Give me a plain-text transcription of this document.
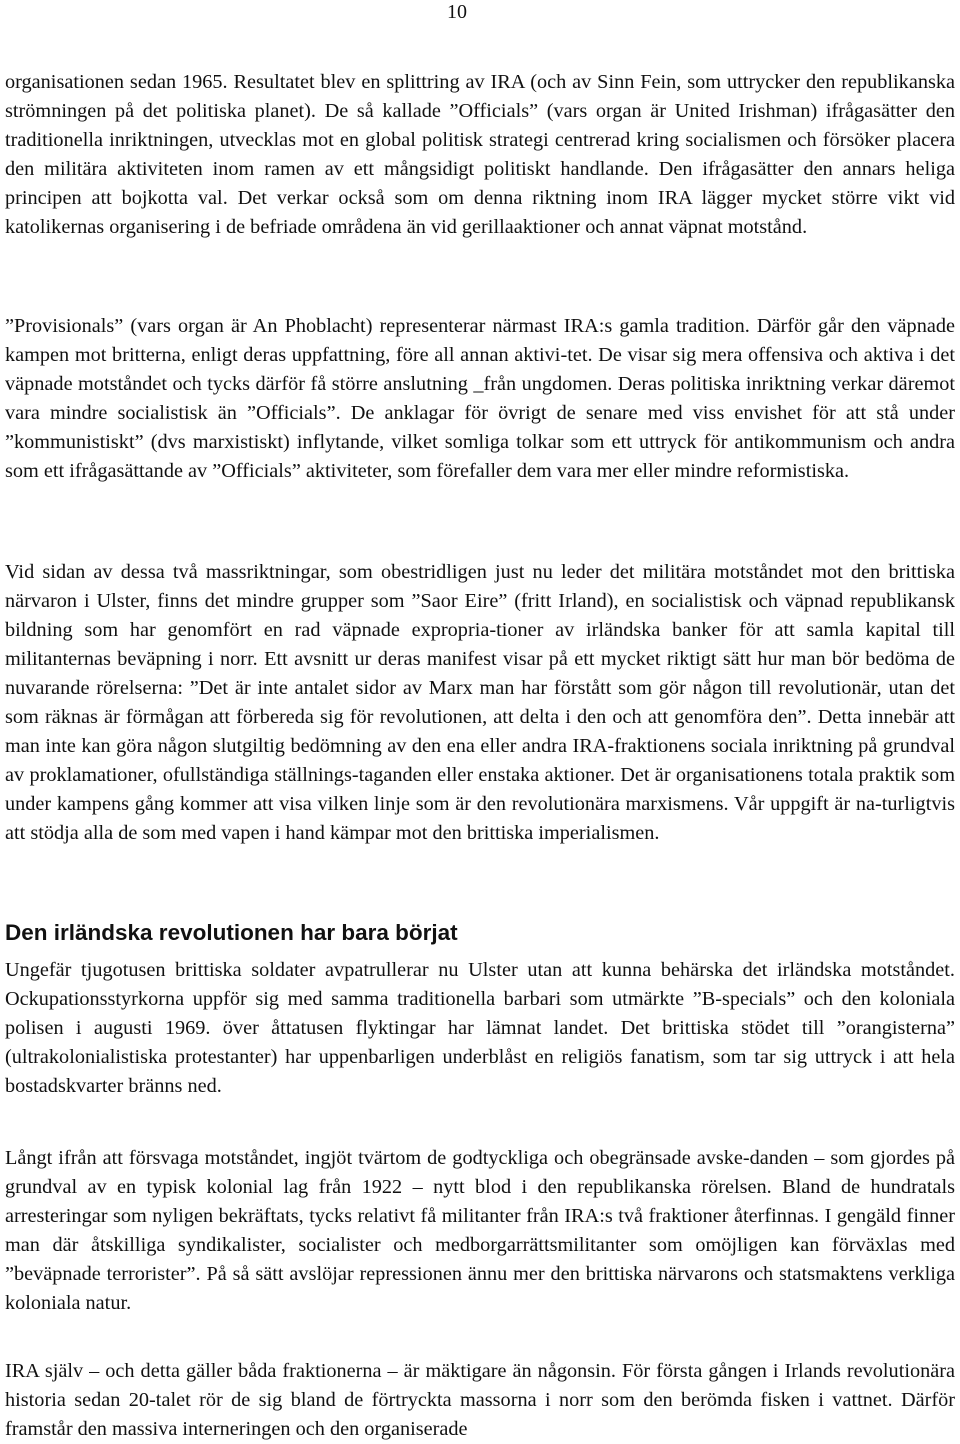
10

organisationen sedan 1965. Resultatet blev en splittring av IRA (och av Sinn Fein, som uttrycker den republikanska strömningen på det politiska planet). De så kallade ”Officials” (vars organ är United Irishman) ifrågasätter den traditionella inriktningen, utvecklas mot en global politisk strategi centrerad kring socialismen och försöker placera den militära aktiviteten inom ramen av ett mångsidigt politiskt handlande. Den ifrågasätter den annars heliga principen att bojkotta val. Det verkar också som om denna riktning inom IRA lägger mycket större vikt vid katolikernas organisering i de befriade områdena än vid gerillaaktioner och annat väpnat motstånd.

”Provisionals” (vars organ är An Phoblacht) representerar närmast IRA:s gamla tradition. Därför går den väpnade kampen mot britterna, enligt deras uppfattning, före all annan aktivi-tet. De visar sig mera offensiva och aktiva i det väpnade motståndet och tycks därför få större anslutning _från ungdomen. Deras politiska inriktning verkar däremot vara mindre socialistisk än ”Officials”. De anklagar för övrigt de senare med viss envishet för att stå under ”kommunistiskt” (dvs marxistiskt) inflytande, vilket somliga tolkar som ett uttryck för antikommunism och andra som ett ifrågasättande av ”Officials” aktiviteter, som förefaller dem vara mer eller mindre reformistiska.

Vid sidan av dessa två massriktningar, som obestridligen just nu leder det militära motståndet mot den brittiska närvaron i Ulster, finns det mindre grupper som ”Saor Eire” (fritt Irland), en socialistisk och väpnad republikansk bildning som har genomfört en rad väpnade expropria-tioner av irländska banker för att samla kapital till militanternas beväpning i norr. Ett avsnitt ur deras manifest visar på ett mycket riktigt sätt hur man bör bedöma de nuvarande rörelserna: ”Det är inte antalet sidor av Marx man har förstått som gör någon till revolutionär, utan det som räknas är förmågan att förbereda sig för revolutionen, att delta i den och att genomföra den”. Detta innebär att man inte kan göra någon slutgiltig bedömning av den ena eller andra IRA-fraktionens sociala inriktning på grundval av proklamationer, ofullständiga ställnings-taganden eller enstaka aktioner. Det är organisationens totala praktik som under kampens gång kommer att visa vilken linje som är den revolutionära marxismens. Vår uppgift är na-turligtvis att stödja alla de som med vapen i hand kämpar mot den brittiska imperialismen.

Den irländska revolutionen har bara börjat

Ungefär tjugotusen brittiska soldater avpatrullerar nu Ulster utan att kunna behärska det irländska motståndet. Ockupationsstyrkorna uppför sig med samma traditionella barbari som utmärkte ”B-specials” och den koloniala polisen i augusti 1969. över åttatusen flyktingar har lämnat landet. Det brittiska stödet till ”orangisterna” (ultrakolonialistiska protestanter) har uppenbarligen underblåst en religiös fanatism, som tar sig uttryck i att hela bostadskvarter bränns ned.

Långt ifrån att försvaga motståndet, ingjöt tvärtom de godtyckliga och obegränsade avske-danden – som gjordes på grundval av en typisk kolonial lag från 1922 – nytt blod i den republikanska rörelsen. Bland de hundratals arresteringar som nyligen bekräftats, tycks relativt få militanter från IRA:s två fraktioner återfinnas. I gengäld finner man där åtskilliga syndikalister, socialister och medborgarrättsmilitanter som omöjligen kan förväxlas med ”beväpnade terrorister”. På så sätt avslöjar repressionen ännu mer den brittiska närvarons och statsmaktens verkliga koloniala natur.

IRA själv – och detta gäller båda fraktionerna – är mäktigare än någonsin. För första gången i Irlands revolutionära historia sedan 20-talet rör de sig bland de förtryckta massorna i norr som den berömda fisken i vattnet. Därför framstår den massiva interneringen och den organiserade
